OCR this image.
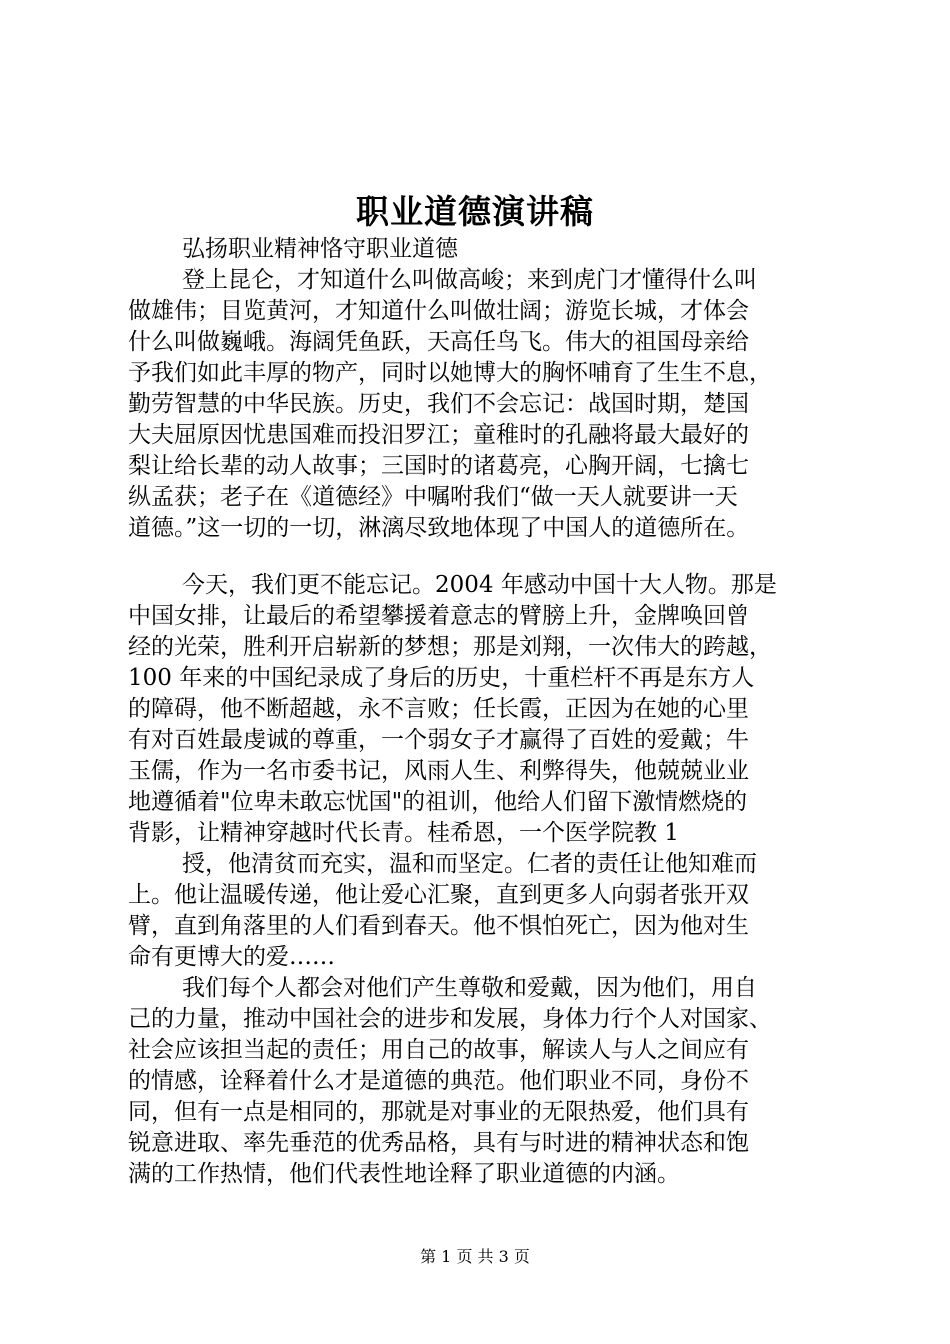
职业道德演讲稿
弘扬职业精神恪守职业道德
登上昆仑，才知道什么叫做高峻；来到虎门才懂得什么叫
做雄伟；目览黄河，才知道什么叫做壮阔；游览长城，才体会
什么叫做巍峨。海阔凭鱼跃，天高任鸟飞。伟大的祖国母亲给
予我们如此丰厚的物产，同时以她博大的胸怀哺育了生生不息，
勤劳智慧的中华民族。历史，我们不会忘记：战国时期，楚国
大夫屈原因忧患国难而投汨罗江；童稚时的孔融将最大最好的
梨让给长辈的动人故事；三国时的诸葛亮，心胸开阔，七擒七
纵孟获；老子在《道德经》中嘱咐我们“做一天人就要讲一天
道德。”这一切的一切，淋漓尽致地体现了中国人的道德所在。
今天，我们更不能忘记。2004 年感动中国十大人物。那是
中国女排，让最后的希望攀援着意志的臂膀上升，金牌唤回曾
经的光荣，胜利开启崭新的梦想；那是刘翔，一次伟大的跨越，
100 年来的中国纪录成了身后的历史，十重栏杆不再是东方人
的障碍，他不断超越，永不言败；任长霞，正因为在她的心里
有对百姓最虔诚的尊重，一个弱女子才赢得了百姓的爱戴；牛
玉儒，作为一名市委书记，风雨人生、利弊得失，他兢兢业业
地遵循着"位卑未敢忘忧国"的祖训，他给人们留下激情燃烧的
背影，让精神穿越时代长青。桂希恩，一个医学院教 1
授，他清贫而充实，温和而坚定。仁者的责任让他知难而
上。他让温暖传递，他让爱心汇聚，直到更多人向弱者张开双
臂，直到角落里的人们看到春天。他不惧怕死亡，因为他对生
命有更博大的爱……
我们每个人都会对他们产生尊敬和爱戴，因为他们，用自
己的力量，推动中国社会的进步和发展，身体力行个人对国家、
社会应该担当起的责任；用自己的故事，解读人与人之间应有
的情感，诠释着什么才是道德的典范。他们职业不同，身份不
同，但有一点是相同的，那就是对事业的无限热爱，他们具有
锐意进取、率先垂范的优秀品格，具有与时进的精神状态和饱
满的工作热情，他们代表性地诠释了职业道德的内涵。
第 1 页 共 3 页
